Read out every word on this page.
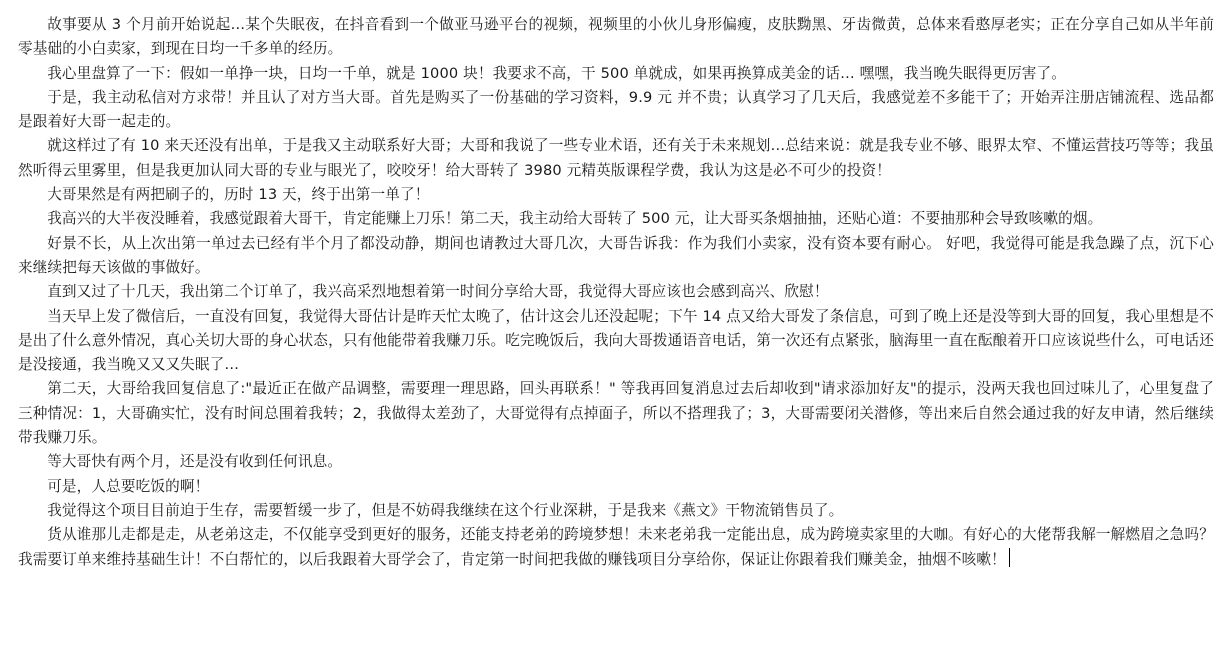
故事要从 3 个月前开始说起…某个失眠夜，在抖音看到一个做亚马逊平台的视频，视频里的小伙儿身形偏瘦，皮肤黝黑、牙齿微黄，总体来看憨厚老实；正在分享自己如从半年前零基础的小白卖家，到现在日均一千多单的经历。

我心里盘算了一下：假如一单挣一块，日均一千单，就是 1000 块！我要求不高，干 500 单就成，如果再换算成美金的话… 嘿嘿，我当晚失眠得更厉害了。

于是，我主动私信对方求带！并且认了对方当大哥。首先是购买了一份基础的学习资料，9.9 元 并不贵；认真学习了几天后，我感觉差不多能干了；开始弄注册店铺流程、选品都是跟着好大哥一起走的。

就这样过了有 10 来天还没有出单，于是我又主动联系好大哥；大哥和我说了一些专业术语，还有关于未来规划…总结来说：就是我专业不够、眼界太窄、不懂运营技巧等等；我虽然听得云里雾里，但是我更加认同大哥的专业与眼光了，咬咬牙！给大哥转了 3980 元精英版课程学费，我认为这是必不可少的投资！

大哥果然是有两把刷子的，历时 13 天，终于出第一单了！

我高兴的大半夜没睡着，我感觉跟着大哥干，肯定能赚上刀乐！第二天，我主动给大哥转了 500 元，让大哥买条烟抽抽，还贴心道：不要抽那种会导致咳嗽的烟。

好景不长，从上次出第一单过去已经有半个月了都没动静，期间也请教过大哥几次，大哥告诉我：作为我们小卖家，没有资本要有耐心。 好吧，我觉得可能是我急躁了点，沉下心来继续把每天该做的事做好。

直到又过了十几天，我出第二个订单了，我兴高采烈地想着第一时间分享给大哥，我觉得大哥应该也会感到高兴、欣慰！

当天早上发了微信后，一直没有回复，我觉得大哥估计是昨天忙太晚了，估计这会儿还没起呢；下午 14 点又给大哥发了条信息，可到了晚上还是没等到大哥的回复，我心里想是不是出了什么意外情况，真心关切大哥的身心状态，只有他能带着我赚刀乐。吃完晚饭后，我向大哥拨通语音电话，第一次还有点紧张，脑海里一直在酝酿着开口应该说些什么，可电话还是没接通，我当晚又又又失眠了…

第二天，大哥给我回复信息了:"最近正在做产品调整，需要理一理思路，回头再联系！" 等我再回复消息过去后却收到"请求添加好友"的提示，没两天我也回过味儿了，心里复盘了三种情况：1，大哥确实忙，没有时间总围着我转；2，我做得太差劲了，大哥觉得有点掉面子，所以不搭理我了；3，大哥需要闭关潜修，等出来后自然会通过我的好友申请，然后继续带我赚刀乐。

等大哥快有两个月，还是没有收到任何讯息。

可是，人总要吃饭的啊！

我觉得这个项目目前迫于生存，需要暂缓一步了，但是不妨碍我继续在这个行业深耕，于是我来《燕文》干物流销售员了。

货从谁那儿走都是走，从老弟这走，不仅能享受到更好的服务，还能支持老弟的跨境梦想！未来老弟我一定能出息，成为跨境卖家里的大咖。有好心的大佬帮我解一解燃眉之急吗？我需要订单来维持基础生计！不白帮忙的，以后我跟着大哥学会了，肯定第一时间把我做的赚钱项目分享给你，保证让你跟着我们赚美金，抽烟不咳嗽！
